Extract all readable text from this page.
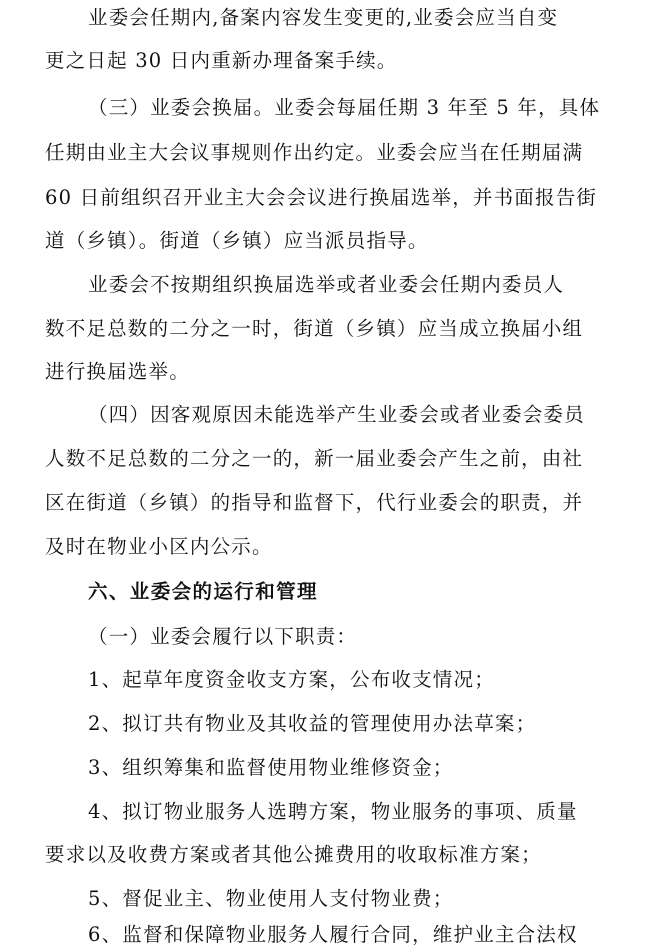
业委会任期内,备案内容发生变更的,业委会应当自变
更之日起 30 日内重新办理备案手续。
（三）业委会换届。业委会每届任期 3 年至 5 年，具体
任期由业主大会议事规则作出约定。业委会应当在任期届满
60 日前组织召开业主大会会议进行换届选举，并书面报告街
道（乡镇）。街道（乡镇）应当派员指导。
业委会不按期组织换届选举或者业委会任期内委员人
数不足总数的二分之一时，街道（乡镇）应当成立换届小组
进行换届选举。
（四）因客观原因未能选举产生业委会或者业委会委员
人数不足总数的二分之一的，新一届业委会产生之前，由社
区在街道（乡镇）的指导和监督下，代行业委会的职责，并
及时在物业小区内公示。
六、业委会的运行和管理
（一）业委会履行以下职责：
1、起草年度资金收支方案，公布收支情况；
2、拟订共有物业及其收益的管理使用办法草案；
3、组织筹集和监督使用物业维修资金；
4、拟订物业服务人选聘方案，物业服务的事项、质量
要求以及收费方案或者其他公摊费用的收取标准方案；
5、督促业主、物业使用人支付物业费；
6、监督和保障物业服务人履行合同，维护业主合法权
